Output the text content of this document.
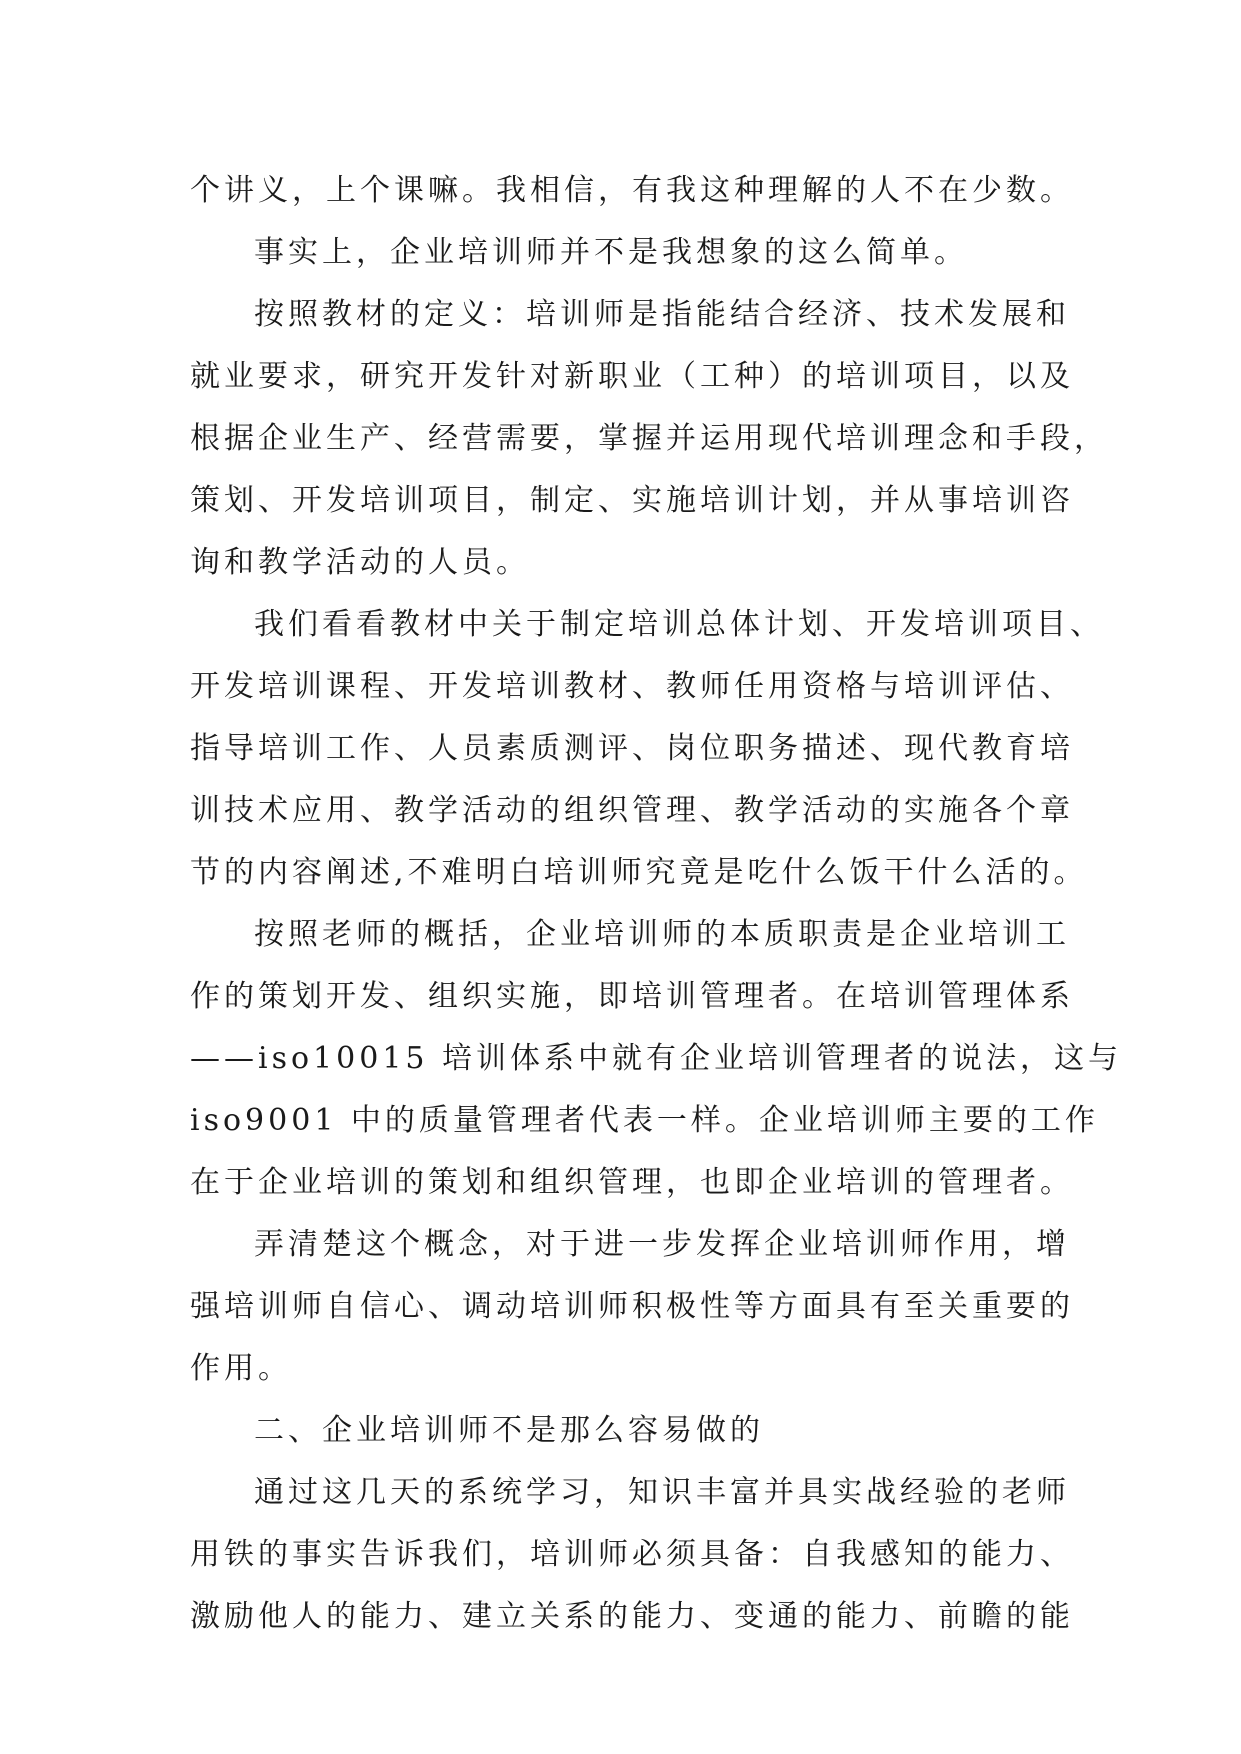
个讲义，上个课嘛。我相信，有我这种理解的人不在少数。
事实上，企业培训师并不是我想象的这么简单。
按照教材的定义：培训师是指能结合经济、技术发展和
就业要求，研究开发针对新职业（工种）的培训项目，以及
根据企业生产、经营需要，掌握并运用现代培训理念和手段，
策划、开发培训项目，制定、实施培训计划，并从事培训咨
询和教学活动的人员。
我们看看教材中关于制定培训总体计划、开发培训项目、
开发培训课程、开发培训教材、教师任用资格与培训评估、
指导培训工作、人员素质测评、岗位职务描述、现代教育培
训技术应用、教学活动的组织管理、教学活动的实施各个章
节的内容阐述,不难明白培训师究竟是吃什么饭干什么活的。
按照老师的概括，企业培训师的本质职责是企业培训工
作的策划开发、组织实施，即培训管理者。在培训管理体系
——iso10015 培训体系中就有企业培训管理者的说法，这与
iso9001 中的质量管理者代表一样。企业培训师主要的工作
在于企业培训的策划和组织管理，也即企业培训的管理者。
弄清楚这个概念，对于进一步发挥企业培训师作用，增
强培训师自信心、调动培训师积极性等方面具有至关重要的
作用。
二、企业培训师不是那么容易做的
通过这几天的系统学习，知识丰富并具实战经验的老师
用铁的事实告诉我们，培训师必须具备：自我感知的能力、
激励他人的能力、建立关系的能力、变通的能力、前瞻的能
